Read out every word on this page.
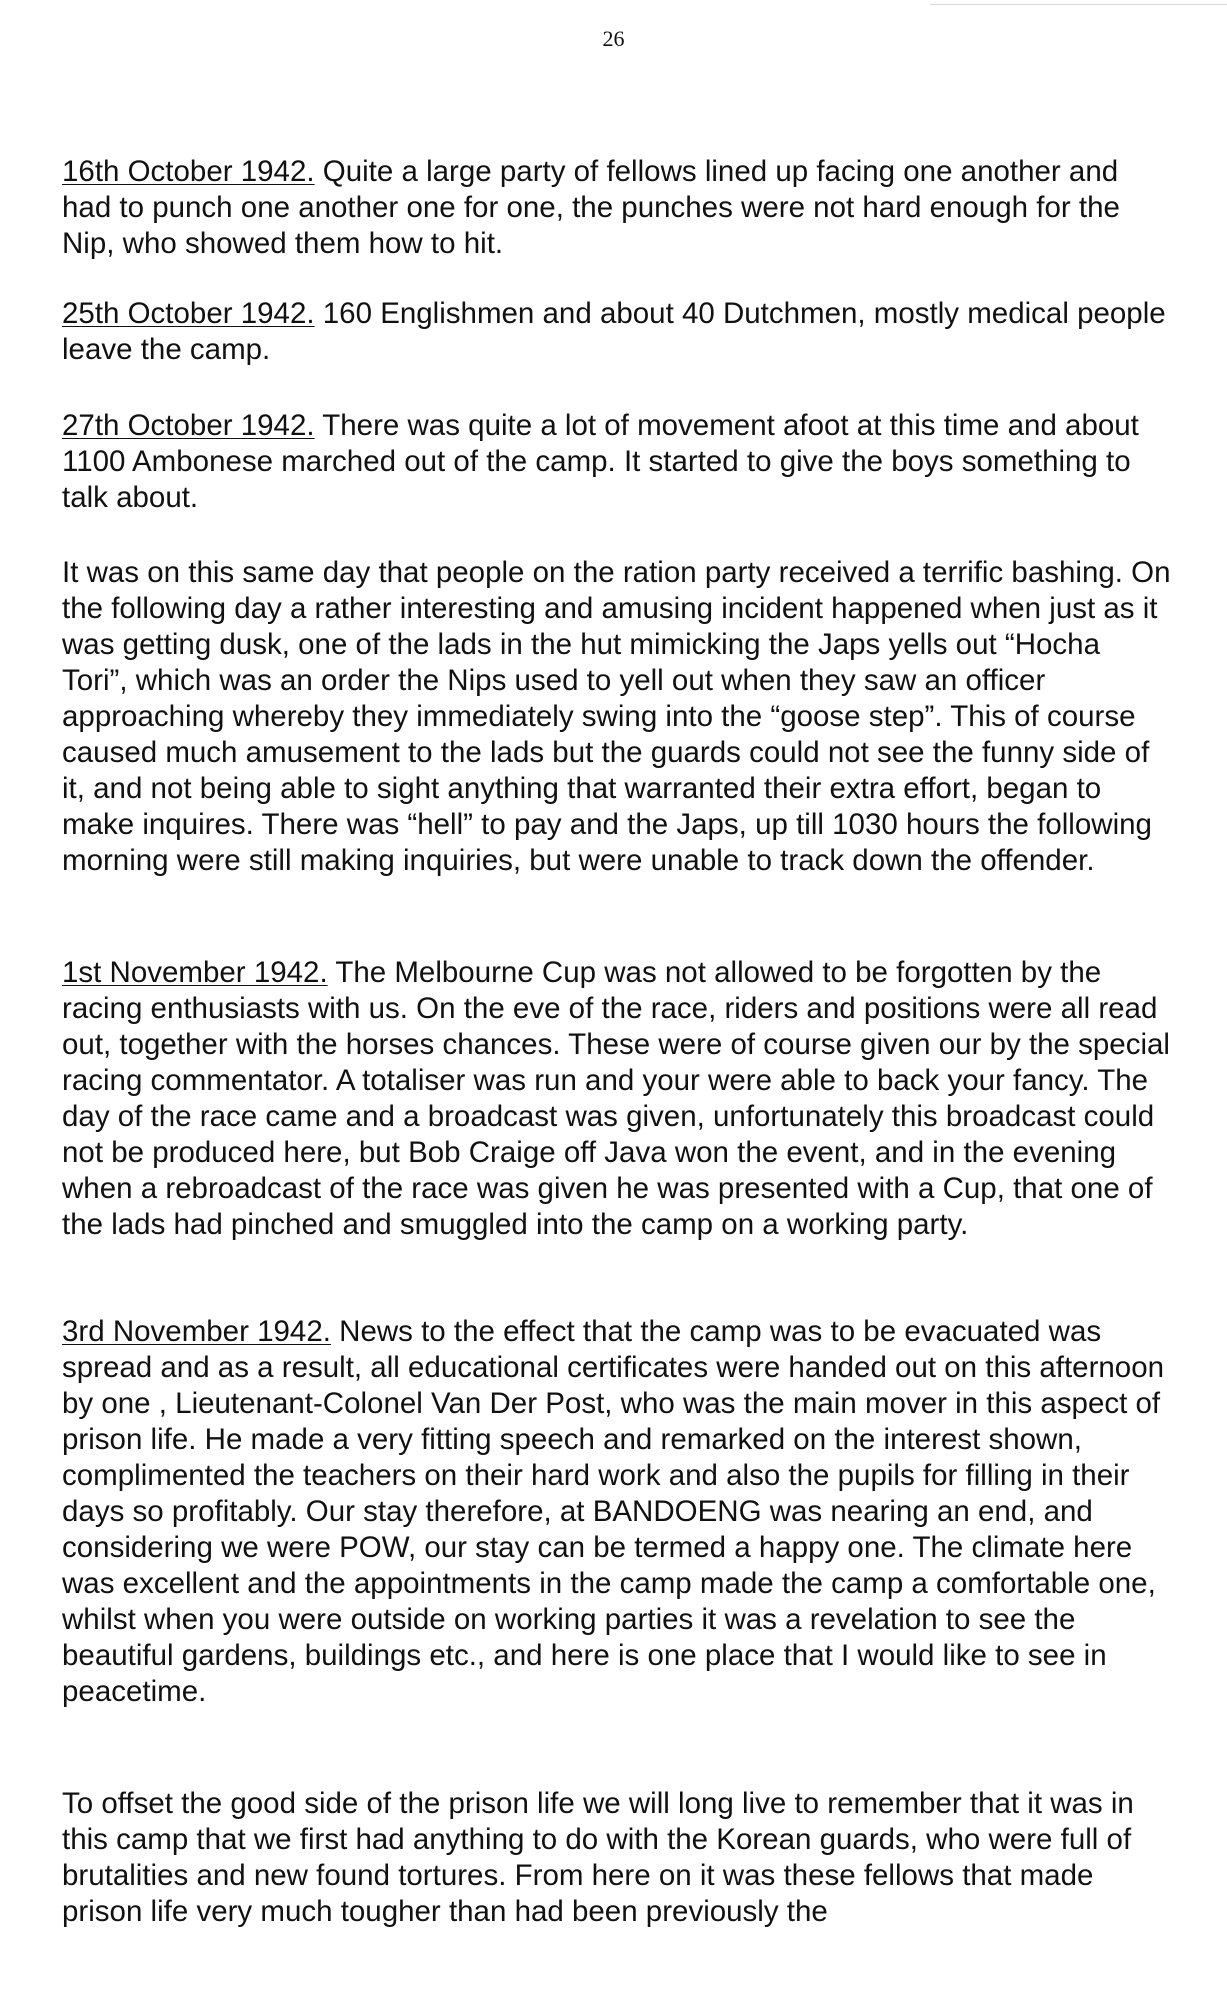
26

16th October 1942. Quite a large party of fellows lined up facing one another and had to punch one another one for one, the punches were not hard enough for the Nip, who showed them how to hit.

25th October 1942. 160 Englishmen and about 40 Dutchmen, mostly medical people leave the camp.

27th October 1942. There was quite a lot of movement afoot at this time and about 1100 Ambonese marched out of the camp. It started to give the boys something to talk about.

It was on this same day that people on the ration party received a terrific bashing. On the following day a rather interesting and amusing incident happened when just as it was getting dusk, one of the lads in the hut mimicking the Japs yells out “Hocha Tori”, which was an order the Nips used to yell out when they saw an officer approaching whereby they immediately swing into the “goose step”. This of course caused much amusement to the lads but the guards could not see the funny side of it, and not being able to sight anything that warranted their extra effort, began to make inquires. There was “hell” to pay and the Japs, up till 1030 hours the following morning were still making inquiries, but were unable to track down the offender.

1st November 1942. The Melbourne Cup was not allowed to be forgotten by the racing enthusiasts with us. On the eve of the race, riders and positions were all read out, together with the horses chances. These were of course given our by the special racing commentator. A totaliser was run and your were able to back your fancy. The day of the race came and a broadcast was given, unfortunately this broadcast could not be produced here, but Bob Craige off Java won the event, and in the evening when a rebroadcast of the race was given he was presented with a Cup, that one of the lads had pinched and smuggled into the camp on a working party.

3rd November 1942. News to the effect that the camp was to be evacuated was spread and as a result, all educational certificates were handed out on this afternoon by one , Lieutenant-Colonel Van Der Post, who was the main mover in this aspect of prison life. He made a very fitting speech and remarked on the interest shown, complimented the teachers on their hard work and also the pupils for filling in their days so profitably. Our stay therefore, at BANDOENG was nearing an end, and considering we were POW, our stay can be termed a happy one. The climate here was excellent and the appointments in the camp made the camp a comfortable one, whilst when you were outside on working parties it was a revelation to see the beautiful gardens, buildings etc., and here is one place that I would like to see in peacetime.

To offset the good side of the prison life we will long live to remember that it was in this camp that we first had anything to do with the Korean guards, who were full of brutalities and new found tortures. From here on it was these fellows that made prison life very much tougher than had been previously the
